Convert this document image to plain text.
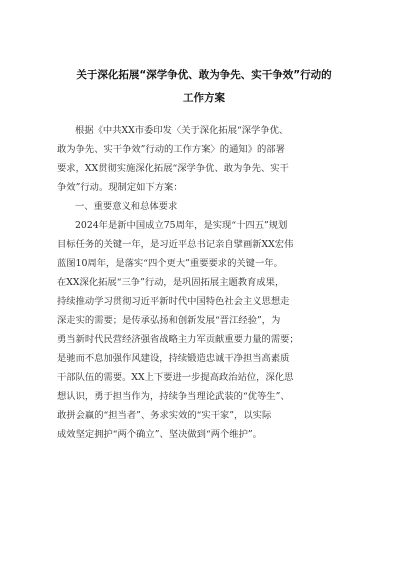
关于深化拓展“深学争优、敢为争先、实干争效”行动的
工作方案
根据《中共XX市委印发〈关于深化拓展“深学争优、
敢为争先、实干争效”行动的工作方案〉的通知》的部署
要求，XX贯彻实施深化拓展“深学争优、敢为争先、实干
争效”行动。现制定如下方案：
一、重要意义和总体要求
2024年是新中国成立75周年，是实现“十四五”规划
目标任务的关键一年，是习近平总书记亲自擘画新XX宏伟
蓝图10周年，是落实“四个更大”重要要求的关键一年。
在XX深化拓展“三争”行动，是巩固拓展主题教育成果，
持续推动学习贯彻习近平新时代中国特色社会主义思想走
深走实的需要；是传承弘扬和创新发展“晋江经验”，为
勇当新时代民营经济强省战略主力军贡献重要力量的需要；
是驰而不息加强作风建设，持续锻造忠诚干净担当高素质
干部队伍的需要。XX上下要进一步提高政治站位，深化思
想认识，勇于担当作为，持续争当理论武装的“优等生”、
敢拼会赢的“担当者”、务求实效的“实干家”，以实际
成效坚定拥护“两个确立”、坚决做到“两个维护”。
